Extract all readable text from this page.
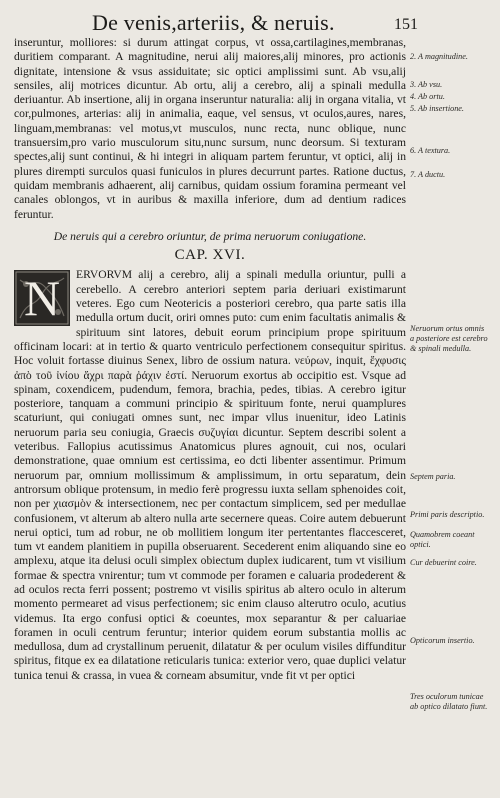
De venis,arteriis, & neruis.	151

inseruntur, molliores: si durum attingat corpus, vt ossa,cartilagines,membranas, duritiem comparant. A magnitudine, nerui alij maiores,alij minores, pro actionis dignitate, intensione & vsus assiduitate; sic optici amplissimi sunt. Ab vsu,alij sensiles, alij motrices dicuntur. Ab ortu, alij a cerebro, alij a spinali medulla deriuantur. Ab insertione, alij in organa inseruntur naturalia: alij in organa vitalia, vt cor,pulmones, arterias: alij in animalia, eaque, vel sensus, vt oculos,aures, nares, linguam,membranas: vel motus,vt musculos, nunc recta, nunc oblique, nunc transuersim,pro vario musculorum situ,nunc sursum, nunc deorsum. Si texturam spectes,alij sunt continui, & hi integri in aliquam partem feruntur, vt optici, alij in plures dirempti surculos quasi funiculos in plures decurrunt partes. Ratione ductus, quidam membranis adhaerent, alij carnibus, quidam ossium foramina permeant vel canales oblongos, vt in auribus & maxilla inferiore, dum ad dentium radices feruntur.

De neruis qui a cerebro oriuntur, de prima neruorum coniugatione.
CAP. XVI.

N	ERVORVM alij a cerebro, alij a spinali medulla oriuntur, pulli a cerebello. A cerebro anteriori septem paria deriuari existimarunt veteres. Ego cum Neotericis a posteriori cerebro, qua parte satis illa medulla ortum ducit, oriri omnes puto: cum enim facultatis animalis & spirituum sint latores, debuit eorum principium prope spirituum officinam locari: at in tertio & quarto ventriculo perfectionem consequitur spiritus. Hoc voluit fortasse diuinus Senex, libro de ossium natura. νεύρων, inquit, ἔχφυσις ἀπὸ τοῦ ἰνίου ἄχρι παρὰ ῥάχιν ἐστί. Neruorum exortus ab occipitio est. Vsque ad spinam, coxendicem, pudendum, femora, brachia, pedes, tibias. A cerebro igitur posteriore, tanquam a communi principio & spirituum fonte, nerui quamplures scaturiunt, qui coniugati omnes sunt, nec impar vllus inuenitur, ideo Latinis neruorum paria seu coniugia, Graecis συζυγίαι dicuntur. Septem describi solent a veteribus. Fallopius acutissimus Anatomicus plures agnouit, cui nos, oculari demonstratione, quae omnium est certissima, eo dcti libenter assentimur. Primum neruorum par, omnium mollissimum & amplissimum, in ortu separatum, dein antrorsum oblique protensum, in medio ferè progressu iuxta sellam sphenoides coit, non per χιασμὸν & intersectionem, nec per contactum simplicem, sed per medullae confusionem, vt alterum ab altero nulla arte secernere queas. Coire autem debuerunt nerui optici, tum ad robur, ne ob mollitiem longum iter pertentantes flaccesceret, tum vt eandem planitiem in pupilla obseruarent. Secederent enim aliquando sine eo amplexu, atque ita delusi oculi simplex obiectum duplex iudicarent, tum vt visilium formae & spectra vnirentur; tum vt commode per foramen e caluaria prodederent & ad oculos recta ferri possent; postremo vt visilis spiritus ab altero oculo in alterum momento permearet ad visus perfectionem; sic enim clauso alterutro oculo, acutius videmus. Ita ergo confusi optici & coeuntes, mox separantur & per caluariae foramen in oculi centrum feruntur; interior quidem eorum substantia mollis ac medullosa, dum ad crystallinum peruenit, dilatatur & per oculum visiles diffunditur spiritus, fitque ex ea dilatatione reticularis tunica: exterior vero, quae duplici velatur tunica tenui & crassa, in vuea & corneam absumitur, vnde fit vt per optici

2. A magnitudine.
3. Ab vsu.
4. Ab ortu.
5. Ab insertione.
6. A textura.
7. A ductu.
Neruorum ortus omnis a posteriore est cerebro & spinali medulla.
Septem paria.
Primi paris descriptio.
Quamobrem coeant optici.
Cur debuerint coire.
Opticorum insertio.
Tres oculorum tunicae ab optico dilatato fiunt.
